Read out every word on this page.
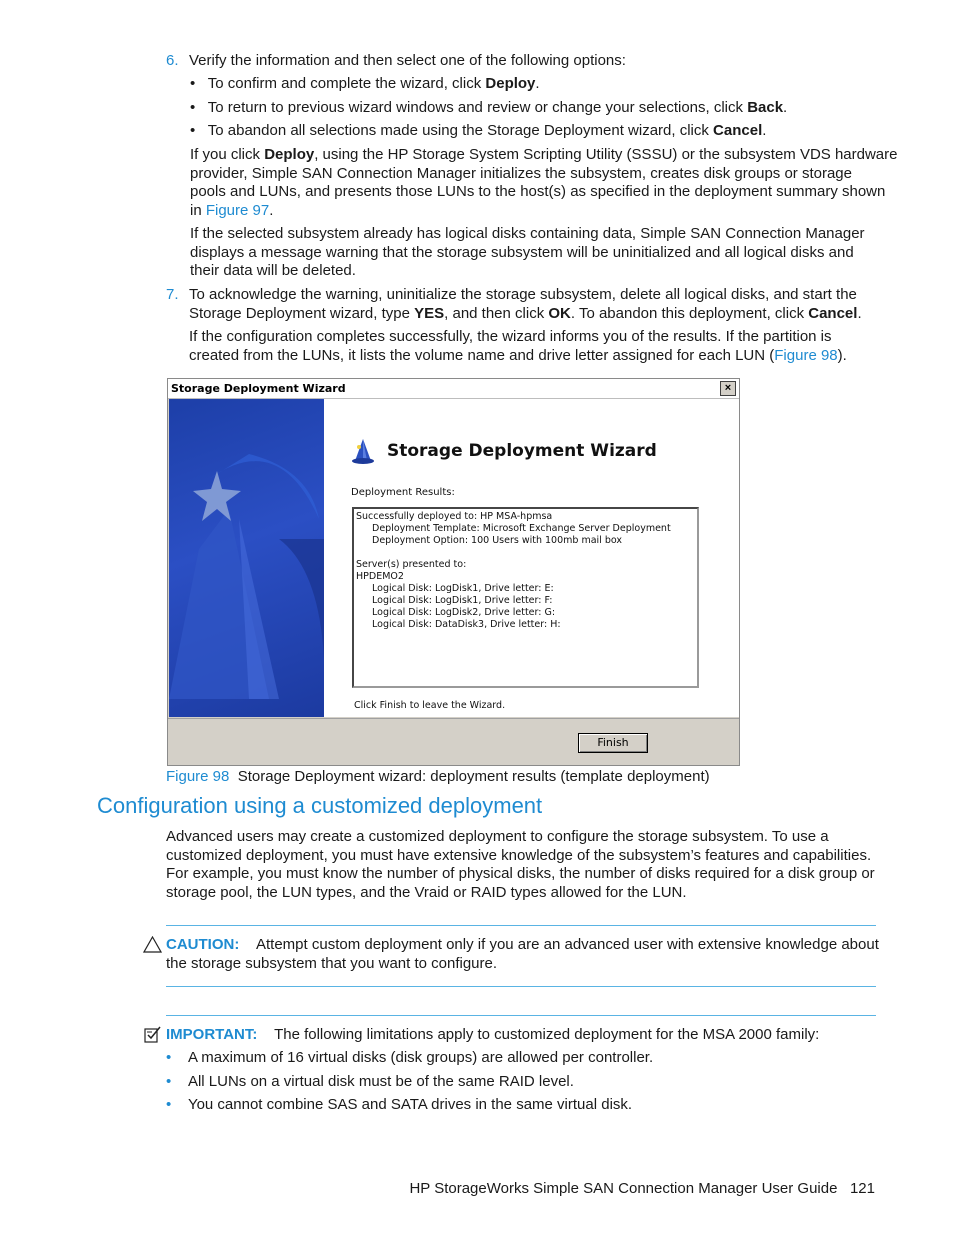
6. Verify the information and then select one of the following options:
•   To confirm and complete the wizard, click Deploy.
•   To return to previous wizard windows and review or change your selections, click Back.
•   To abandon all selections made using the Storage Deployment wizard, click Cancel.
If you click Deploy, using the HP Storage System Scripting Utility (SSSU) or the subsystem VDS hardware
provider, Simple SAN Connection Manager initializes the subsystem, creates disk groups or storage
pools and LUNs, and presents those LUNs to the host(s) as specified in the deployment summary shown
in Figure 97.
If the selected subsystem already has logical disks containing data, Simple SAN Connection Manager
displays a message warning that the storage subsystem will be uninitialized and all logical disks and
their data will be deleted.
7. To acknowledge the warning, uninitialize the storage subsystem, delete all logical disks, and start the
Storage Deployment wizard, type YES, and then click OK. To abandon this deployment, click Cancel.
If the configuration completes successfully, the wizard informs you of the results. If the partition is
created from the LUNs, it lists the volume name and drive letter assigned for each LUN (Figure 98).
Storage Deployment Wizard	×
Storage Deployment Wizard
Deployment Results:
Successfully deployed to: HP MSA-hpmsa
Deployment Template: Microsoft Exchange Server Deployment
Deployment Option: 100 Users with 100mb mail box
Server(s) presented to:
HPDEMO2
Logical Disk: LogDisk1, Drive letter: E:
Logical Disk: LogDisk1, Drive letter: F:
Logical Disk: LogDisk2, Drive letter: G:
Logical Disk: DataDisk3, Drive letter: H:
Click Finish to leave the Wizard.
Finish
Figure 98 Storage Deployment wizard: deployment results (template deployment)
Configuration using a customized deployment
Advanced users may create a customized deployment to configure the storage subsystem. To use a
customized deployment, you must have extensive knowledge of the subsystem’s features and capabilities.
For example, you must know the number of physical disks, the number of disks required for a disk group or
storage pool, the LUN types, and the Vraid or RAID types allowed for the LUN.
CAUTION: Attempt custom deployment only if you are an advanced user with extensive knowledge about
the storage subsystem that you want to configure.
IMPORTANT: The following limitations apply to customized deployment for the MSA 2000 family:
• A maximum of 16 virtual disks (disk groups) are allowed per controller.
• All LUNs on a virtual disk must be of the same RAID level.
• You cannot combine SAS and SATA drives in the same virtual disk.
HP StorageWorks Simple SAN Connection Manager User Guide 121
